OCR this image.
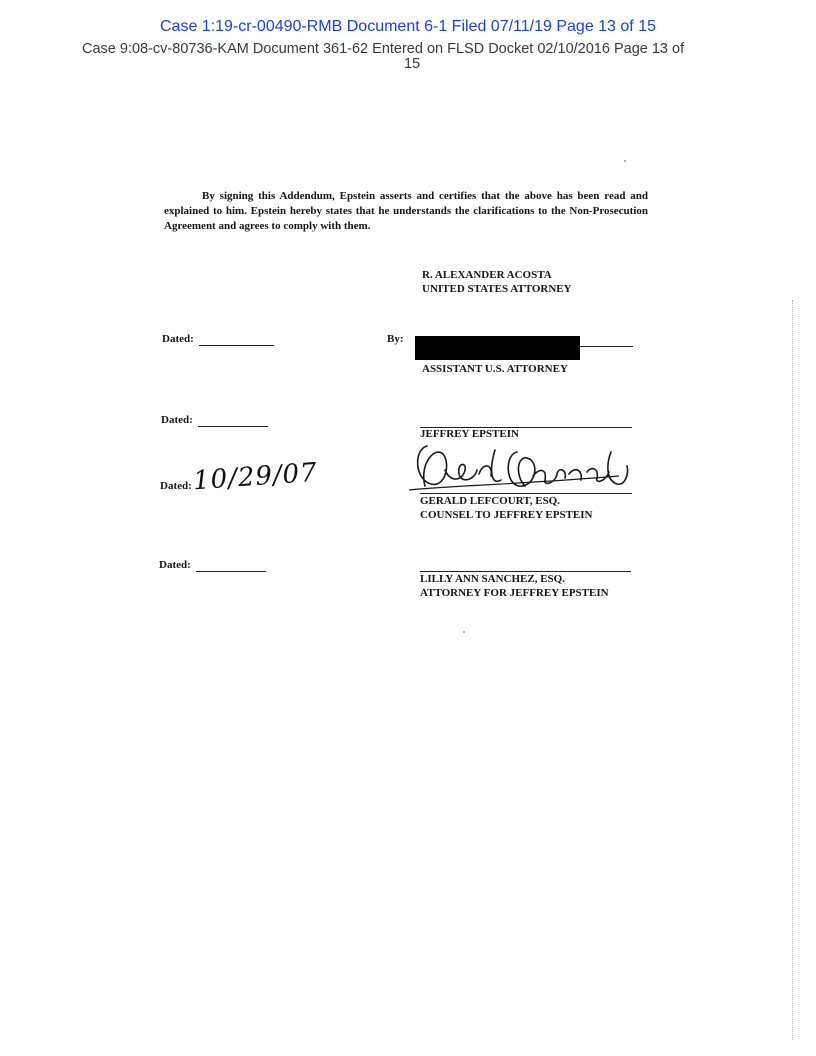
Case 1:19-cr-00490-RMB Document 6-1 Filed 07/11/19 Page 13 of 15
Case 9:08-cv-80736-KAM Document 361-62 Entered on FLSD Docket 02/10/2016 Page 13 of
15
By signing this Addendum, Epstein asserts and certifies that the above has been read and explained to him. Epstein hereby states that he understands the clarifications to the Non-Prosecution Agreement and agrees to comply with them.
R. ALEXANDER ACOSTA
UNITED STATES ATTORNEY
Dated:	By:
ASSISTANT U.S. ATTORNEY
Dated:
JEFFREY EPSTEIN
Dated: 10/29/07
GERALD LEFCOURT, ESQ.
COUNSEL TO JEFFREY EPSTEIN
Dated:
LILLY ANN SANCHEZ, ESQ.
ATTORNEY FOR JEFFREY EPSTEIN
